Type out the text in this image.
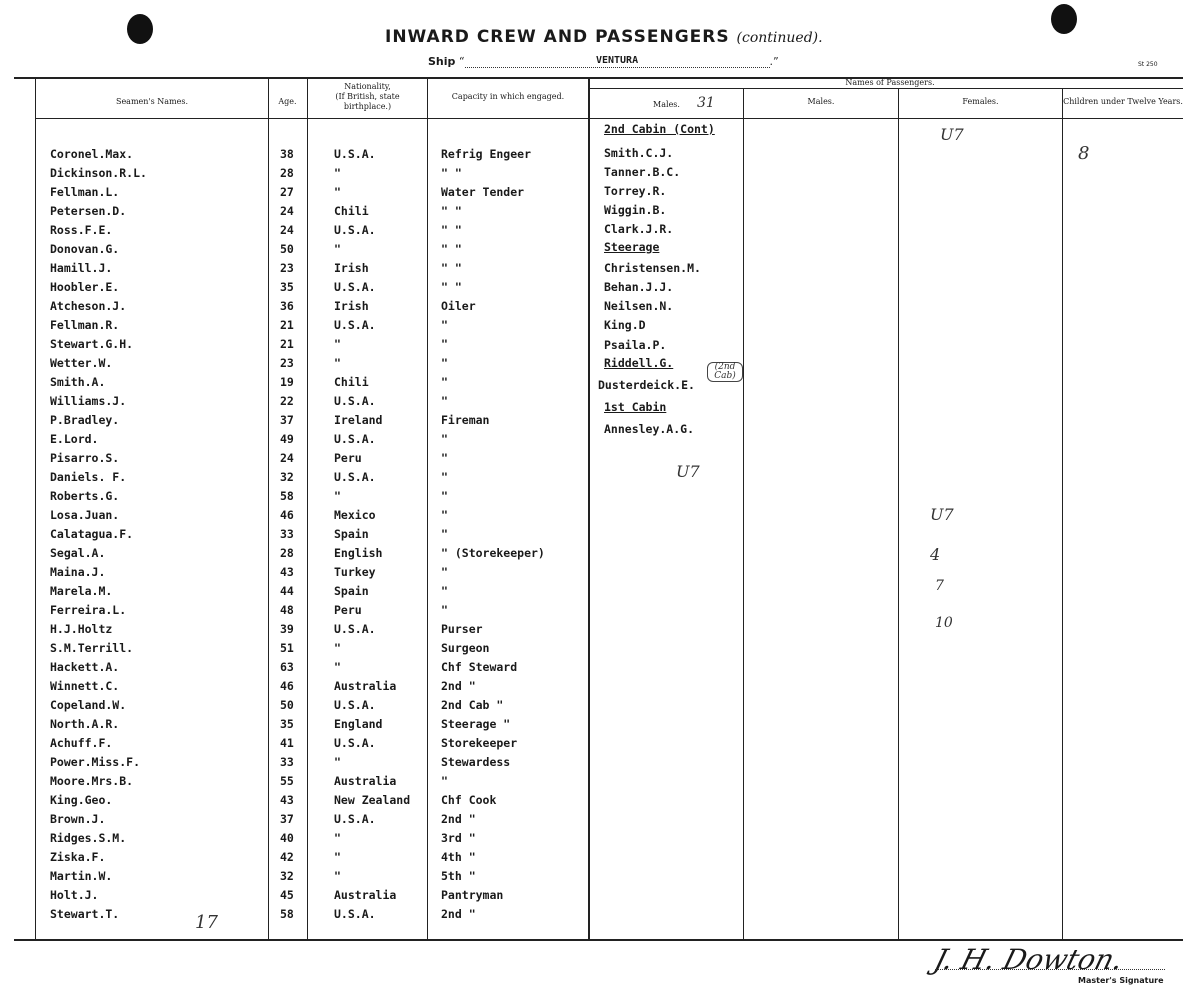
INWARD CREW AND PASSENGERS (continued).
Ship “	VENTURA	.”	St 250
Names of Passengers.
Seamen's Names.	Age.
Nationality,
(If British, state
birthplace.)
Capacity in which engaged.
Males.	Males.	Females.	Children under Twelve Years.
Coronel.Max.	38	U.S.A.	Refrig Engeer
Dickinson.R.L.	28	"	" "
Fellman.L.	27	"	Water Tender
Petersen.D.	24	Chili	" "
Ross.F.E.	24	U.S.A.	" "
Donovan.G.	50	"	" "
Hamill.J.	23	Irish	" "
Hoobler.E.	35	U.S.A.	" "
Atcheson.J.	36	Irish	Oiler
Fellman.R.	21	U.S.A.	"
Stewart.G.H.	21	"	"
Wetter.W.	23	"	"
Smith.A.	19	Chili	"
Williams.J.	22	U.S.A.	"
P.Bradley.	37	Ireland	Fireman
E.Lord.	49	U.S.A.	"
Pisarro.S.	24	Peru	"
Daniels. F.	32	U.S.A.	"
Roberts.G.	58	"	"
Losa.Juan.	46	Mexico	"
Calatagua.F.	33	Spain	"
Segal.A.	28	English	" (Storekeeper)
Maina.J.	43	Turkey	"
Marela.M.	44	Spain	"
Ferreira.L.	48	Peru	"
H.J.Holtz	39	U.S.A.	Purser
S.M.Terrill.	51	"	Surgeon
Hackett.A.	63	"	Chf Steward
Winnett.C.	46	Australia	2nd "
Copeland.W.	50	U.S.A.	2nd Cab "
North.A.R.	35	England	Steerage "
Achuff.F.	41	U.S.A.	Storekeeper
Power.Miss.F.	33	"	Stewardess
Moore.Mrs.B.	55	Australia	"
King.Geo.	43	New Zealand	Chf Cook
Brown.J.	37	U.S.A.	2nd "
Ridges.S.M.	40	"	3rd "
Ziska.F.	42	"	4th "
Martin.W.	32	"	5th "
Holt.J.	45	Australia	Pantryman
Stewart.T.	58	U.S.A.	2nd "
2nd Cabin (Cont)
Smith.C.J.
Tanner.B.C.
Torrey.R.
Wiggin.B.
Clark.J.R.
Steerage
Christensen.M.
Behan.J.J.
Neilsen.N.
King.D
Psaila.P.
Riddell.G.
Dusterdeick.E.
1st Cabin
Annesley.A.G.
(2nd Cab)
31
8
17
U7
U7
U7
4
7
10
J. H. Dowton.
Master's Signature
